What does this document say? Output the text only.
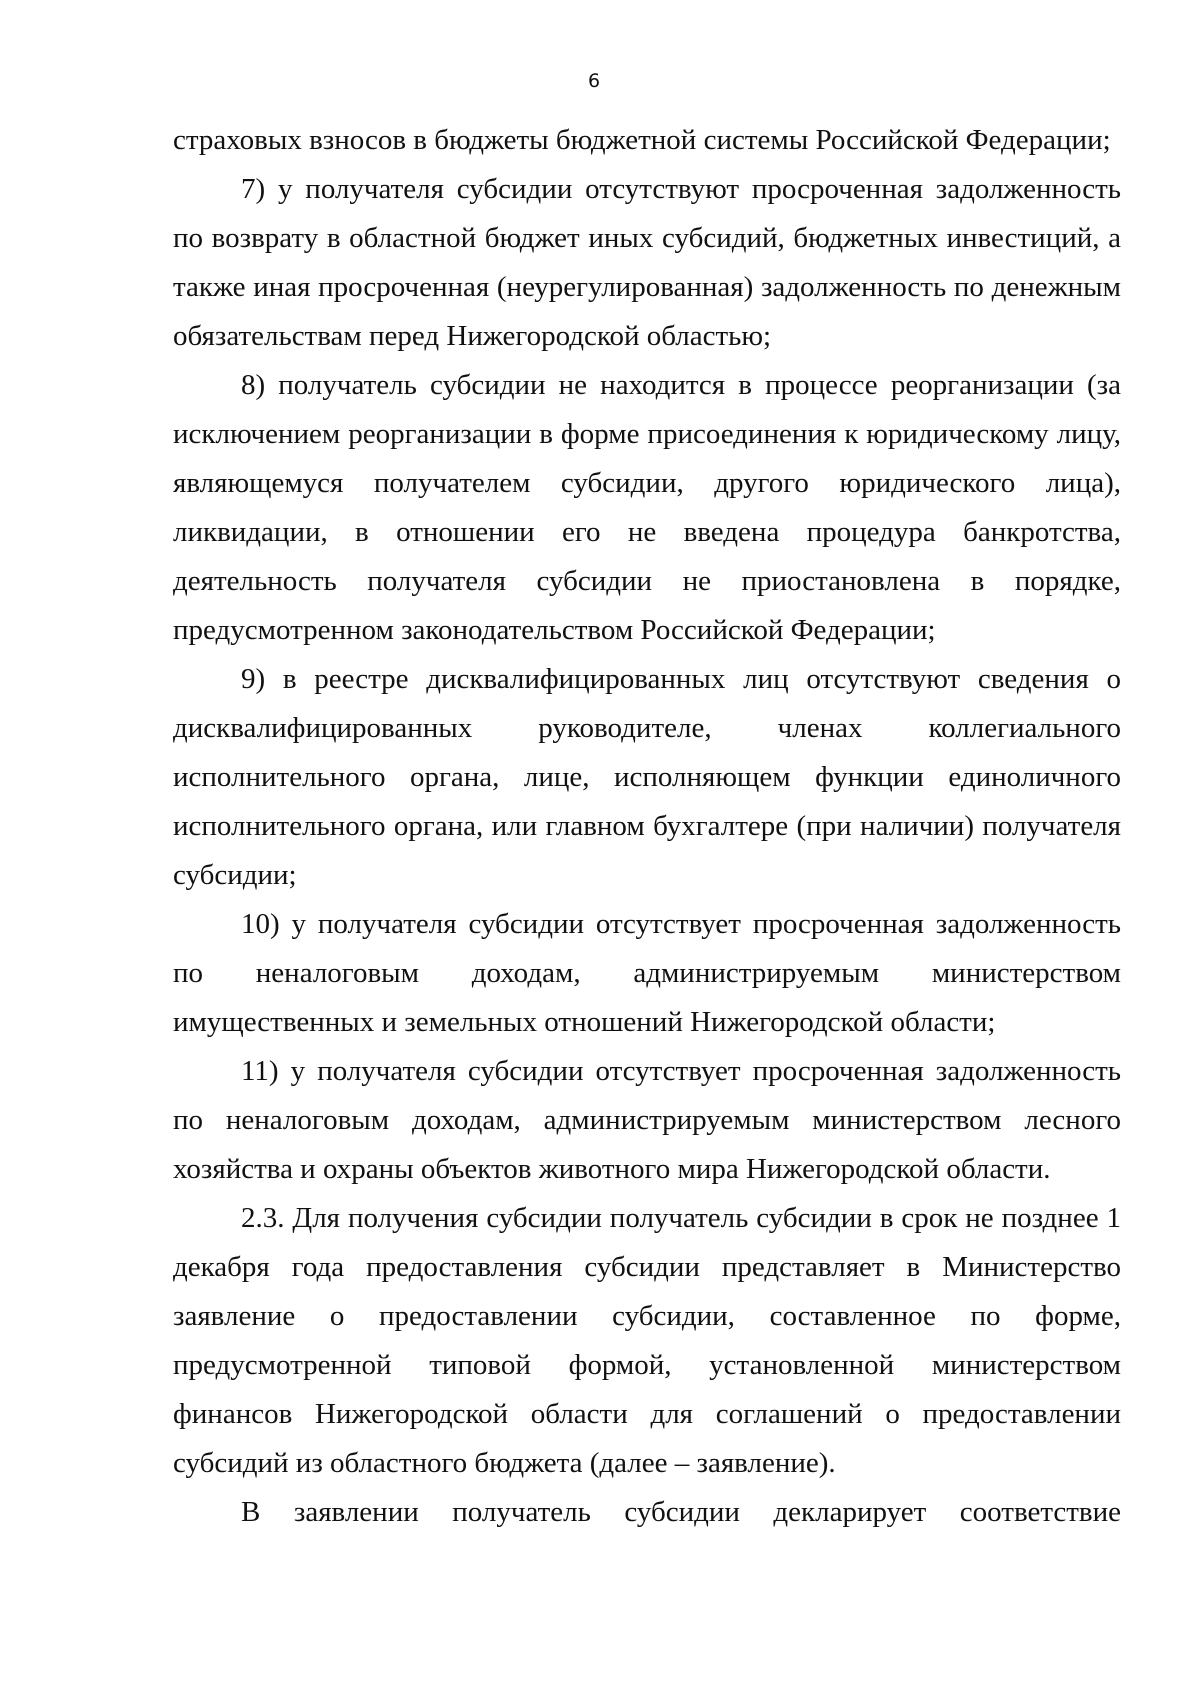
6

страховых взносов в бюджеты бюджетной системы Российской Федерации;

7) у получателя субсидии отсутствуют просроченная задолженность по возврату в областной бюджет иных субсидий, бюджетных инвестиций, а также иная просроченная (неурегулированная) задолженность по денежным обязательствам перед Нижегородской областью;

8) получатель субсидии не находится в процессе реорганизации (за исключением реорганизации в форме присоединения к юридическому лицу, являющемуся получателем субсидии, другого юридического лица), ликвидации, в отношении его не введена процедура банкротства, деятельность получателя субсидии не приостановлена в порядке, предусмотренном законодательством Российской Федерации;

9) в реестре дисквалифицированных лиц отсутствуют сведения о дисквалифицированных руководителе, членах коллегиального исполнительного органа, лице, исполняющем функции единоличного исполнительного органа, или главном бухгалтере (при наличии) получателя субсидии;

10) у получателя субсидии отсутствует просроченная задолженность по неналоговым доходам, администрируемым министерством имущественных и земельных отношений Нижегородской области;

11) у получателя субсидии отсутствует просроченная задолженность по неналоговым доходам, администрируемым министерством лесного хозяйства и охраны объектов животного мира Нижегородской области.

2.3. Для получения субсидии получатель субсидии в срок не позднее 1 декабря года предоставления субсидии представляет в Министерство заявление о предоставлении субсидии, составленное по форме, предусмотренной типовой формой, установленной министерством финансов Нижегородской области для соглашений о предоставлении субсидий из областного бюджета (далее – заявление).

В заявлении получатель субсидии декларирует соответствие
